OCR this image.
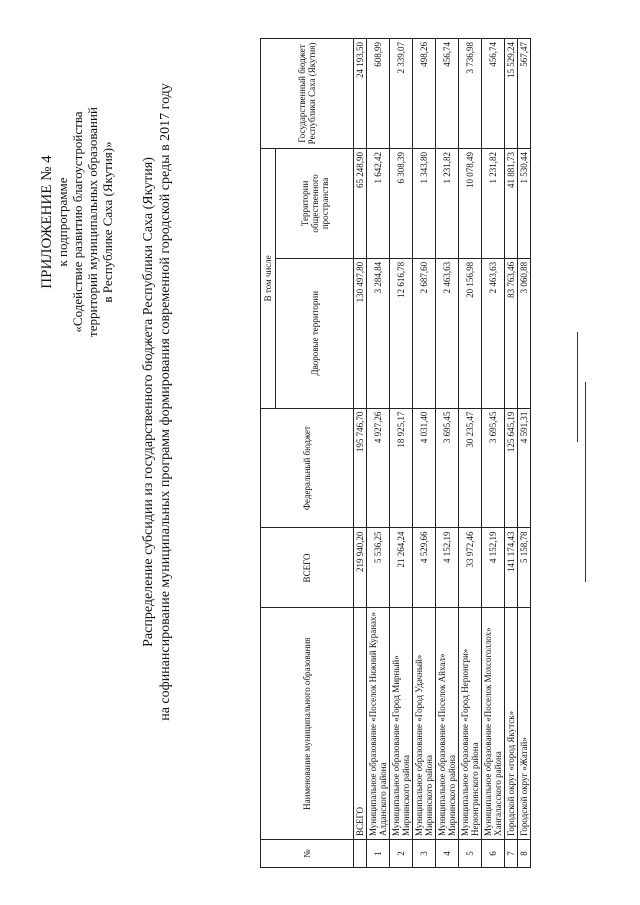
ПРИЛОЖЕНИЕ № 4 к подпрограмме «Содействие развитию благоустройства территорий муниципальных образований в Республике Саха (Якутия)» Распределение субсидии из государственного бюджета Республики Саха (Якутия) на софинансирование муниципальных программ формирования современной городской среды в 2017 году
№	Наименование муниципального образования	ВСЕГО	Федеральный бюджет	В том числе		Государственный бюджет Республики Саха (Якутия)
				Дворовые территории	Территории общественного пространства	
	ВСЕГО	219 940,20	195 746,70	130 497,80	65 248,90	24 193,50
1	Муниципальное образование «Поселок Нижний Куранах» Алданского района	5 536,25	4 927,26	3 284,84	1 642,42	608,99
2	Муниципальное образование «Город Мирный» Мирнинского района	21 264,24	18 925,17	12 616,78	6 308,39	2 339,07
3	Муниципальное образование «Город Удачный» Мирнинского района	4 529,66	4 031,40	2 687,60	1 343,80	498,26
4	Муниципальное образование «Поселок Айхал» Мирнинского района	4 152,19	3 695,45	2 463,63	1 231,82	456,74
5	Муниципальное образование «Город Нерюнгри» Нерюнгринского района	33 972,46	30 235,47	20 156,98	10 078,49	3 736,98
6	Муниципальное образование «Поселок Мохсоголлох» Хангаласского района	4 152,19	3 695,45	2 463,63	1 231,82	456,74
7	Городской округ «город Якутск»	141 174,43	125 645,19	83 763,46	41 881,73	15 529,24
8	Городской округ «Жатай»	5 158,78	4 591,31	3 060,88	1 530,44	567,47
